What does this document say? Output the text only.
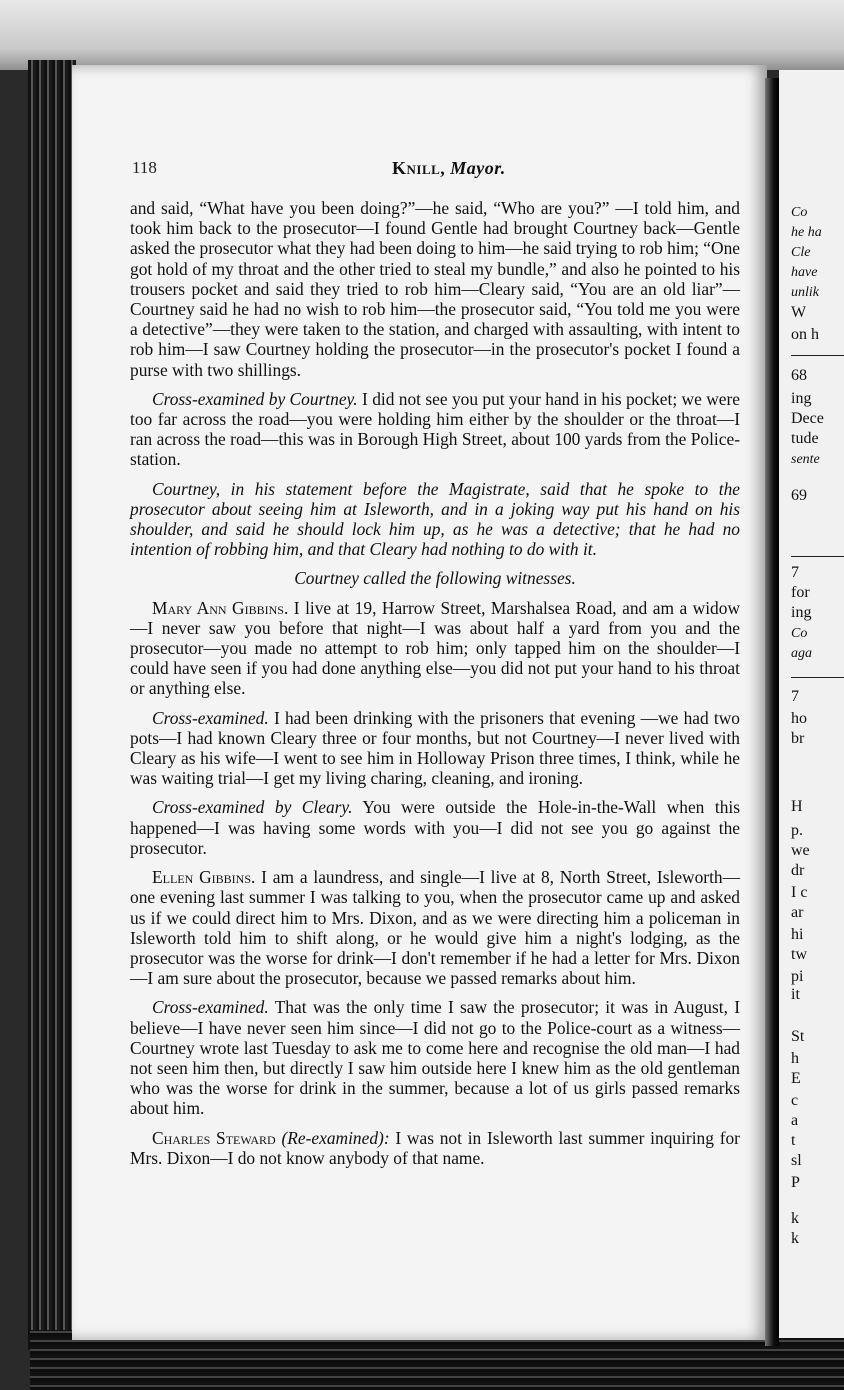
118	Knill, Mayor.

and said, “What have you been doing?”—he said, “Who are you?” —I told him, and took him back to the prosecutor—I found Gentle had brought Courtney back—Gentle asked the prosecutor what they had been doing to him—he said trying to rob him; “One got hold of my throat and the other tried to steal my bundle,” and also he pointed to his trousers pocket and said they tried to rob him—Cleary said, “You are an old liar”—Courtney said he had no wish to rob him—the prosecutor said, “You told me you were a detective”—they were taken to the station, and charged with assaulting, with intent to rob him—I saw Courtney holding the prosecutor—in the prosecutor's pocket I found a purse with two shillings.

Cross-examined by Courtney. I did not see you put your hand in his pocket; we were too far across the road—you were holding him either by the shoulder or the throat—I ran across the road—this was in Borough High Street, about 100 yards from the Police-station.

Courtney, in his statement before the Magistrate, said that he spoke to the prosecutor about seeing him at Isleworth, and in a joking way put his hand on his shoulder, and said he should lock him up, as he was a detective; that he had no intention of robbing him, and that Cleary had nothing to do with it.

Courtney called the following witnesses.

Mary Ann Gibbins. I live at 19, Harrow Street, Marshalsea Road, and am a widow—I never saw you before that night—I was about half a yard from you and the prosecutor—you made no attempt to rob him; only tapped him on the shoulder—I could have seen if you had done anything else—you did not put your hand to his throat or anything else.

Cross-examined. I had been drinking with the prisoners that evening —we had two pots—I had known Cleary three or four months, but not Courtney—I never lived with Cleary as his wife—I went to see him in Holloway Prison three times, I think, while he was waiting trial—I get my living charing, cleaning, and ironing.

Cross-examined by Cleary. You were outside the Hole-in-the-Wall when this happened—I was having some words with you—I did not see you go against the prosecutor.

Ellen Gibbins. I am a laundress, and single—I live at 8, North Street, Isleworth—one evening last summer I was talking to you, when the prosecutor came up and asked us if we could direct him to Mrs. Dixon, and as we were directing him a policeman in Isleworth told him to shift along, or he would give him a night's lodging, as the prosecutor was the worse for drink—I don't remember if he had a letter for Mrs. Dixon—I am sure about the prosecutor, because we passed remarks about him.

Cross-examined. That was the only time I saw the prosecutor; it was in August, I believe—I have never seen him since—I did not go to the Police-court as a witness—Courtney wrote last Tuesday to ask me to come here and recognise the old man—I had not seen him then, but directly I saw him outside here I knew him as the old gentleman who was the worse for drink in the summer, because a lot of us girls passed remarks about him.

Charles Steward (Re-examined): I was not in Isleworth last summer inquiring for Mrs. Dixon—I do not know anybody of that name.

Co
he ha
Cle
have
unlik
W
on h
68
ing
Dece
tude
sente
69
7
for
ing
Co
aga
7
ho
br
H
p.
we
dr
I c
ar
hi
tw
pi
it
St
h
E
c
a
t
sl
P
k
k
